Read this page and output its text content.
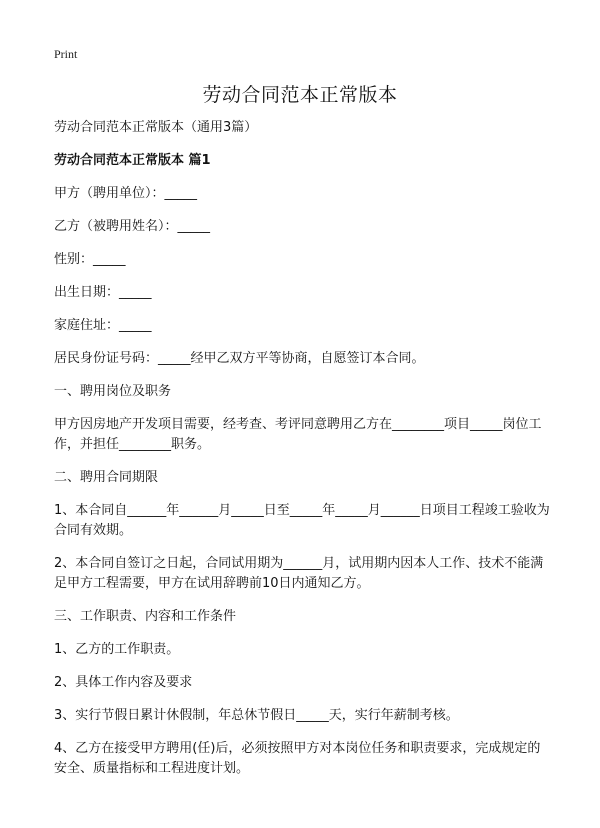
Print
劳动合同范本正常版本

劳动合同范本正常版本（通用3篇）

劳动合同范本正常版本 篇1

甲方（聘用单位）：_____

乙方（被聘用姓名）：_____

性别：_____

出生日期：_____

家庭住址：_____

居民身份证号码：_____经甲乙双方平等协商，自愿签订本合同。

一、聘用岗位及职务

甲方因房地产开发项目需要，经考查、考评同意聘用乙方在________项目_____岗位工作，并担任________职务。

二、聘用合同期限

1、本合同自______年______月_____日至_____年_____月______日项目工程竣工验收为合同有效期。

2、本合同自签订之日起，合同试用期为______月，试用期内因本人工作、技术不能满足甲方工程需要，甲方在试用辞聘前10日内通知乙方。

三、工作职责、内容和工作条件

1、乙方的工作职责。

2、具体工作内容及要求

3、实行节假日累计休假制，年总休节假日_____天，实行年薪制考核。

4、乙方在接受甲方聘用(任)后，必须按照甲方对本岗位任务和职责要求，完成规定的安全、质量指标和工程进度计划。
